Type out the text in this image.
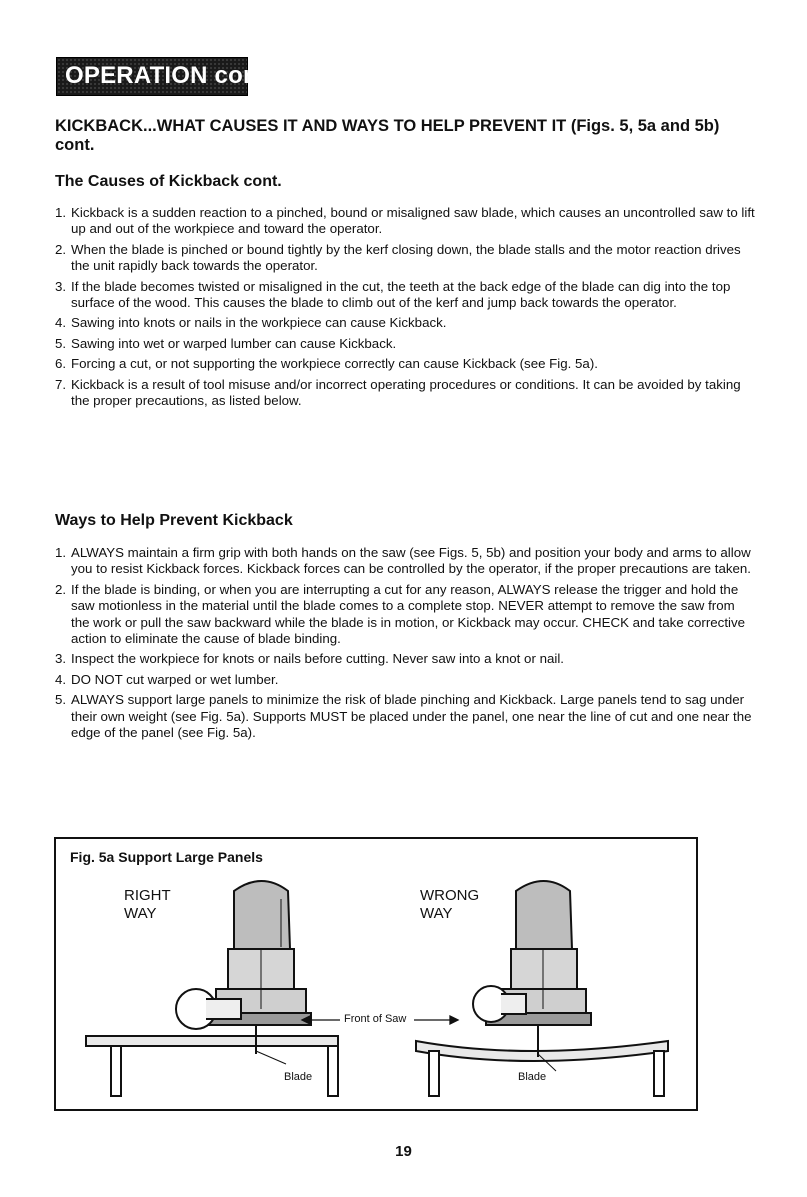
OPERATION cont.
KICKBACK...WHAT CAUSES IT AND WAYS TO HELP PREVENT IT (Figs. 5, 5a and 5b) cont.
The Causes of Kickback cont.
1. Kickback is a sudden reaction to a pinched, bound or misaligned saw blade, which causes an uncontrolled saw to lift up and out of the workpiece and toward the operator.
2. When the blade is pinched or bound tightly by the kerf closing down, the blade stalls and the motor reaction drives the unit rapidly back towards the operator.
3. If the blade becomes twisted or misaligned in the cut, the teeth at the back edge of the blade can dig into the top surface of the wood. This causes the blade to climb out of the kerf and jump back towards the operator.
4. Sawing into knots or nails in the workpiece can cause Kickback.
5. Sawing into wet or warped lumber can cause Kickback.
6. Forcing a cut, or not supporting the workpiece correctly can cause Kickback (see Fig. 5a).
7. Kickback is a result of tool misuse and/or incorrect operating procedures or conditions. It can be avoided by taking the proper precautions, as listed below.
Ways to Help Prevent Kickback
1. ALWAYS maintain a firm grip with both hands on the saw (see Figs. 5, 5b) and position your body and arms to allow you to resist Kickback forces. Kickback forces can be controlled by the operator, if the proper precautions are taken.
2. If the blade is binding, or when you are interrupting a cut for any reason, ALWAYS release the trigger and hold the saw motionless in the material until the blade comes to a complete stop. NEVER attempt to remove the saw from the work or pull the saw backward while the blade is in motion, or Kickback may occur. CHECK and take corrective action to eliminate the cause of blade binding.
3. Inspect the workpiece for knots or nails before cutting. Never saw into a knot or nail.
4. DO NOT cut warped or wet lumber.
5. ALWAYS support large panels to minimize the risk of blade pinching and Kickback. Large panels tend to sag under their own weight (see Fig. 5a). Supports MUST be placed under the panel, one near the line of cut and one near the edge of the panel (see Fig. 5a).
Fig. 5a Support Large Panels
RIGHT
WAY
WRONG
WAY
Front of Saw
Blade	Blade
19
